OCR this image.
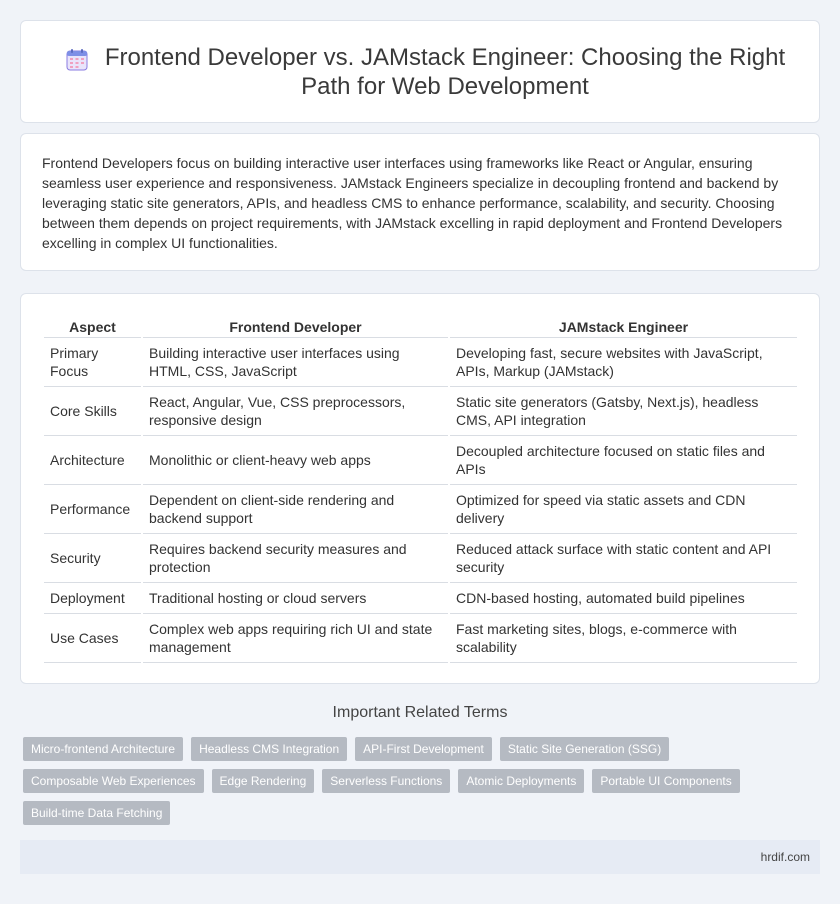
Frontend Developer vs. JAMstack Engineer: Choosing the Right Path for Web Development

Frontend Developers focus on building interactive user interfaces using frameworks like React or Angular, ensuring seamless user experience and responsiveness. JAMstack Engineers specialize in decoupling frontend and backend by leveraging static site generators, APIs, and headless CMS to enhance performance, scalability, and security. Choosing between them depends on project requirements, with JAMstack excelling in rapid deployment and Frontend Developers excelling in complex UI functionalities.

Aspect	Frontend Developer	JAMstack Engineer
Primary Focus	Building interactive user interfaces using HTML, CSS, JavaScript	Developing fast, secure websites with JavaScript, APIs, Markup (JAMstack)
Core Skills	React, Angular, Vue, CSS preprocessors, responsive design	Static site generators (Gatsby, Next.js), headless CMS, API integration
Architecture	Monolithic or client-heavy web apps	Decoupled architecture focused on static files and APIs
Performance	Dependent on client-side rendering and backend support	Optimized for speed via static assets and CDN delivery
Security	Requires backend security measures and protection	Reduced attack surface with static content and API security
Deployment	Traditional hosting or cloud servers	CDN-based hosting, automated build pipelines
Use Cases	Complex web apps requiring rich UI and state management	Fast marketing sites, blogs, e-commerce with scalability
Important Related Terms
Micro-frontend Architecture	Headless CMS Integration	API-First Development	Static Site Generation (SSG)
Composable Web Experiences	Edge Rendering	Serverless Functions	Atomic Deployments	Portable UI Components
Build-time Data Fetching
hrdif.com
